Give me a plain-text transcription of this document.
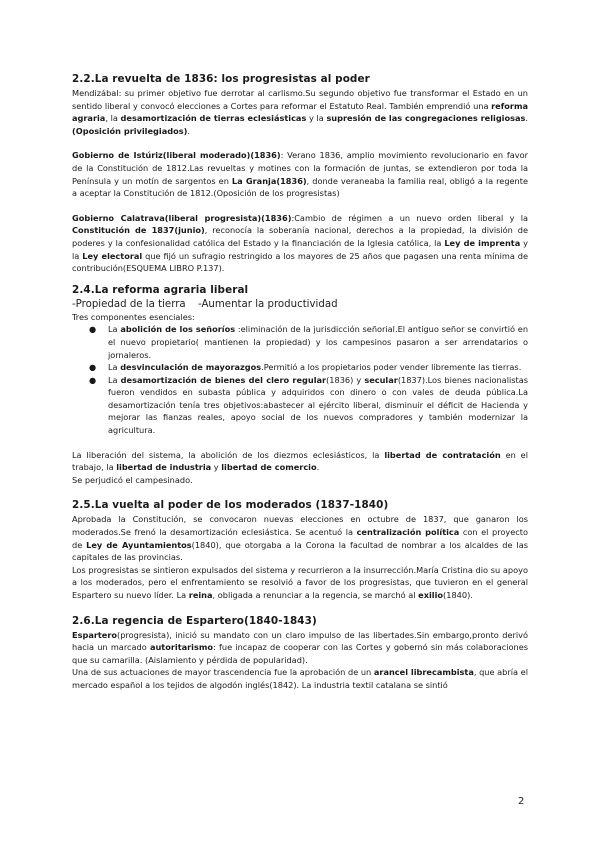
2.2.La revuelta de 1836: los progresistas al poder

Mendizábal: su primer objetivo fue derrotar al carlismo.Su segundo objetivo fue transformar el Estado en un sentido liberal y convocó elecciones a Cortes para reformar el Estatuto Real. También emprendió una reforma agraria, la desamortización de tierras eclesiásticas y la supresión de las congregaciones religiosas.(Oposición privilegiados).

Gobierno de Istúriz(liberal moderado)(1836): Verano 1836, amplio movimiento revolucionario en favor de la Constitución de 1812.Las revueltas y motines con la formación de juntas, se extendieron por toda la Península y un motín de sargentos en La Granja(1836), donde veraneaba la familia real, obligó a la regente a aceptar la Constitución de 1812.(Oposición de los progresistas)

Gobierno Calatrava(liberal progresista)(1836):Cambio de régimen a un nuevo orden liberal y la Constitución de 1837(junio), reconocía la soberanía nacional, derechos a la propiedad, la división de poderes y la confesionalidad católica del Estado y la financiación de la Iglesia católica, la Ley de imprenta y la Ley electoral que fijó un sufragio restringido a los mayores de 25 años que pagasen una renta mínima de contribución(ESQUEMA LIBRO P.137).

2.4.La reforma agraria liberal
-Propiedad de la tierra	-Aumentar la productividad

Tres componentes esenciales:

● La abolición de los señoríos :eliminación de la jurisdicción señorial.El antiguo señor se convirtió en el nuevo propietario( mantienen la propiedad) y los campesinos pasaron a ser arrendatarios o jornaleros.
● La desvinculación de mayorazgos.Permitió a los propietarios poder vender libremente las tierras.
● La desamortización de bienes del clero regular(1836) y secular(1837).Los bienes nacionalistas fueron vendidos en subasta pública y adquiridos con dinero o con vales de deuda pública.La desamortización tenía tres objetivos:abastecer al ejército liberal, disminuir el déficit de Hacienda y mejorar las fianzas reales, apoyo social de los nuevos compradores y también modernizar la agricultura.

La liberación del sistema, la abolición de los diezmos eclesiásticos, la libertad de contratación en el trabajo, la libertad de industria y libertad de comercio.

Se perjudicó el campesinado.

2.5.La vuelta al poder de los moderados (1837-1840)

Aprobada la Constitución, se convocaron nuevas elecciones en octubre de 1837, que ganaron los moderados.Se frenó la desamortización eclesiástica. Se acentuó la centralización política con el proyecto de Ley de Ayuntamientos(1840), que otorgaba a la Corona la facultad de nombrar a los alcaldes de las capitales de las provincias.

Los progresistas se sintieron expulsados del sistema y recurrieron a la insurrección.María Cristina dio su apoyo a los moderados, pero el enfrentamiento se resolvió a favor de los progresistas, que tuvieron en el general Espartero su nuevo líder. La reina, obligada a renunciar a la regencia, se marchó al exilio(1840).

2.6.La regencia de Espartero(1840-1843)

Espartero(progresista), inició su mandato con un claro impulso de las libertades.Sin embargo,pronto derivó hacia un marcado autoritarismo: fue incapaz de cooperar con las Cortes y gobernó sin más colaboraciones que su camarilla. (Aislamiento y pérdida de popularidad).

Una de sus actuaciones de mayor trascendencia fue la aprobación de un arancel librecambista, que abría el mercado español a los tejidos de algodón inglés(1842). La industria textil catalana se sintió

2
